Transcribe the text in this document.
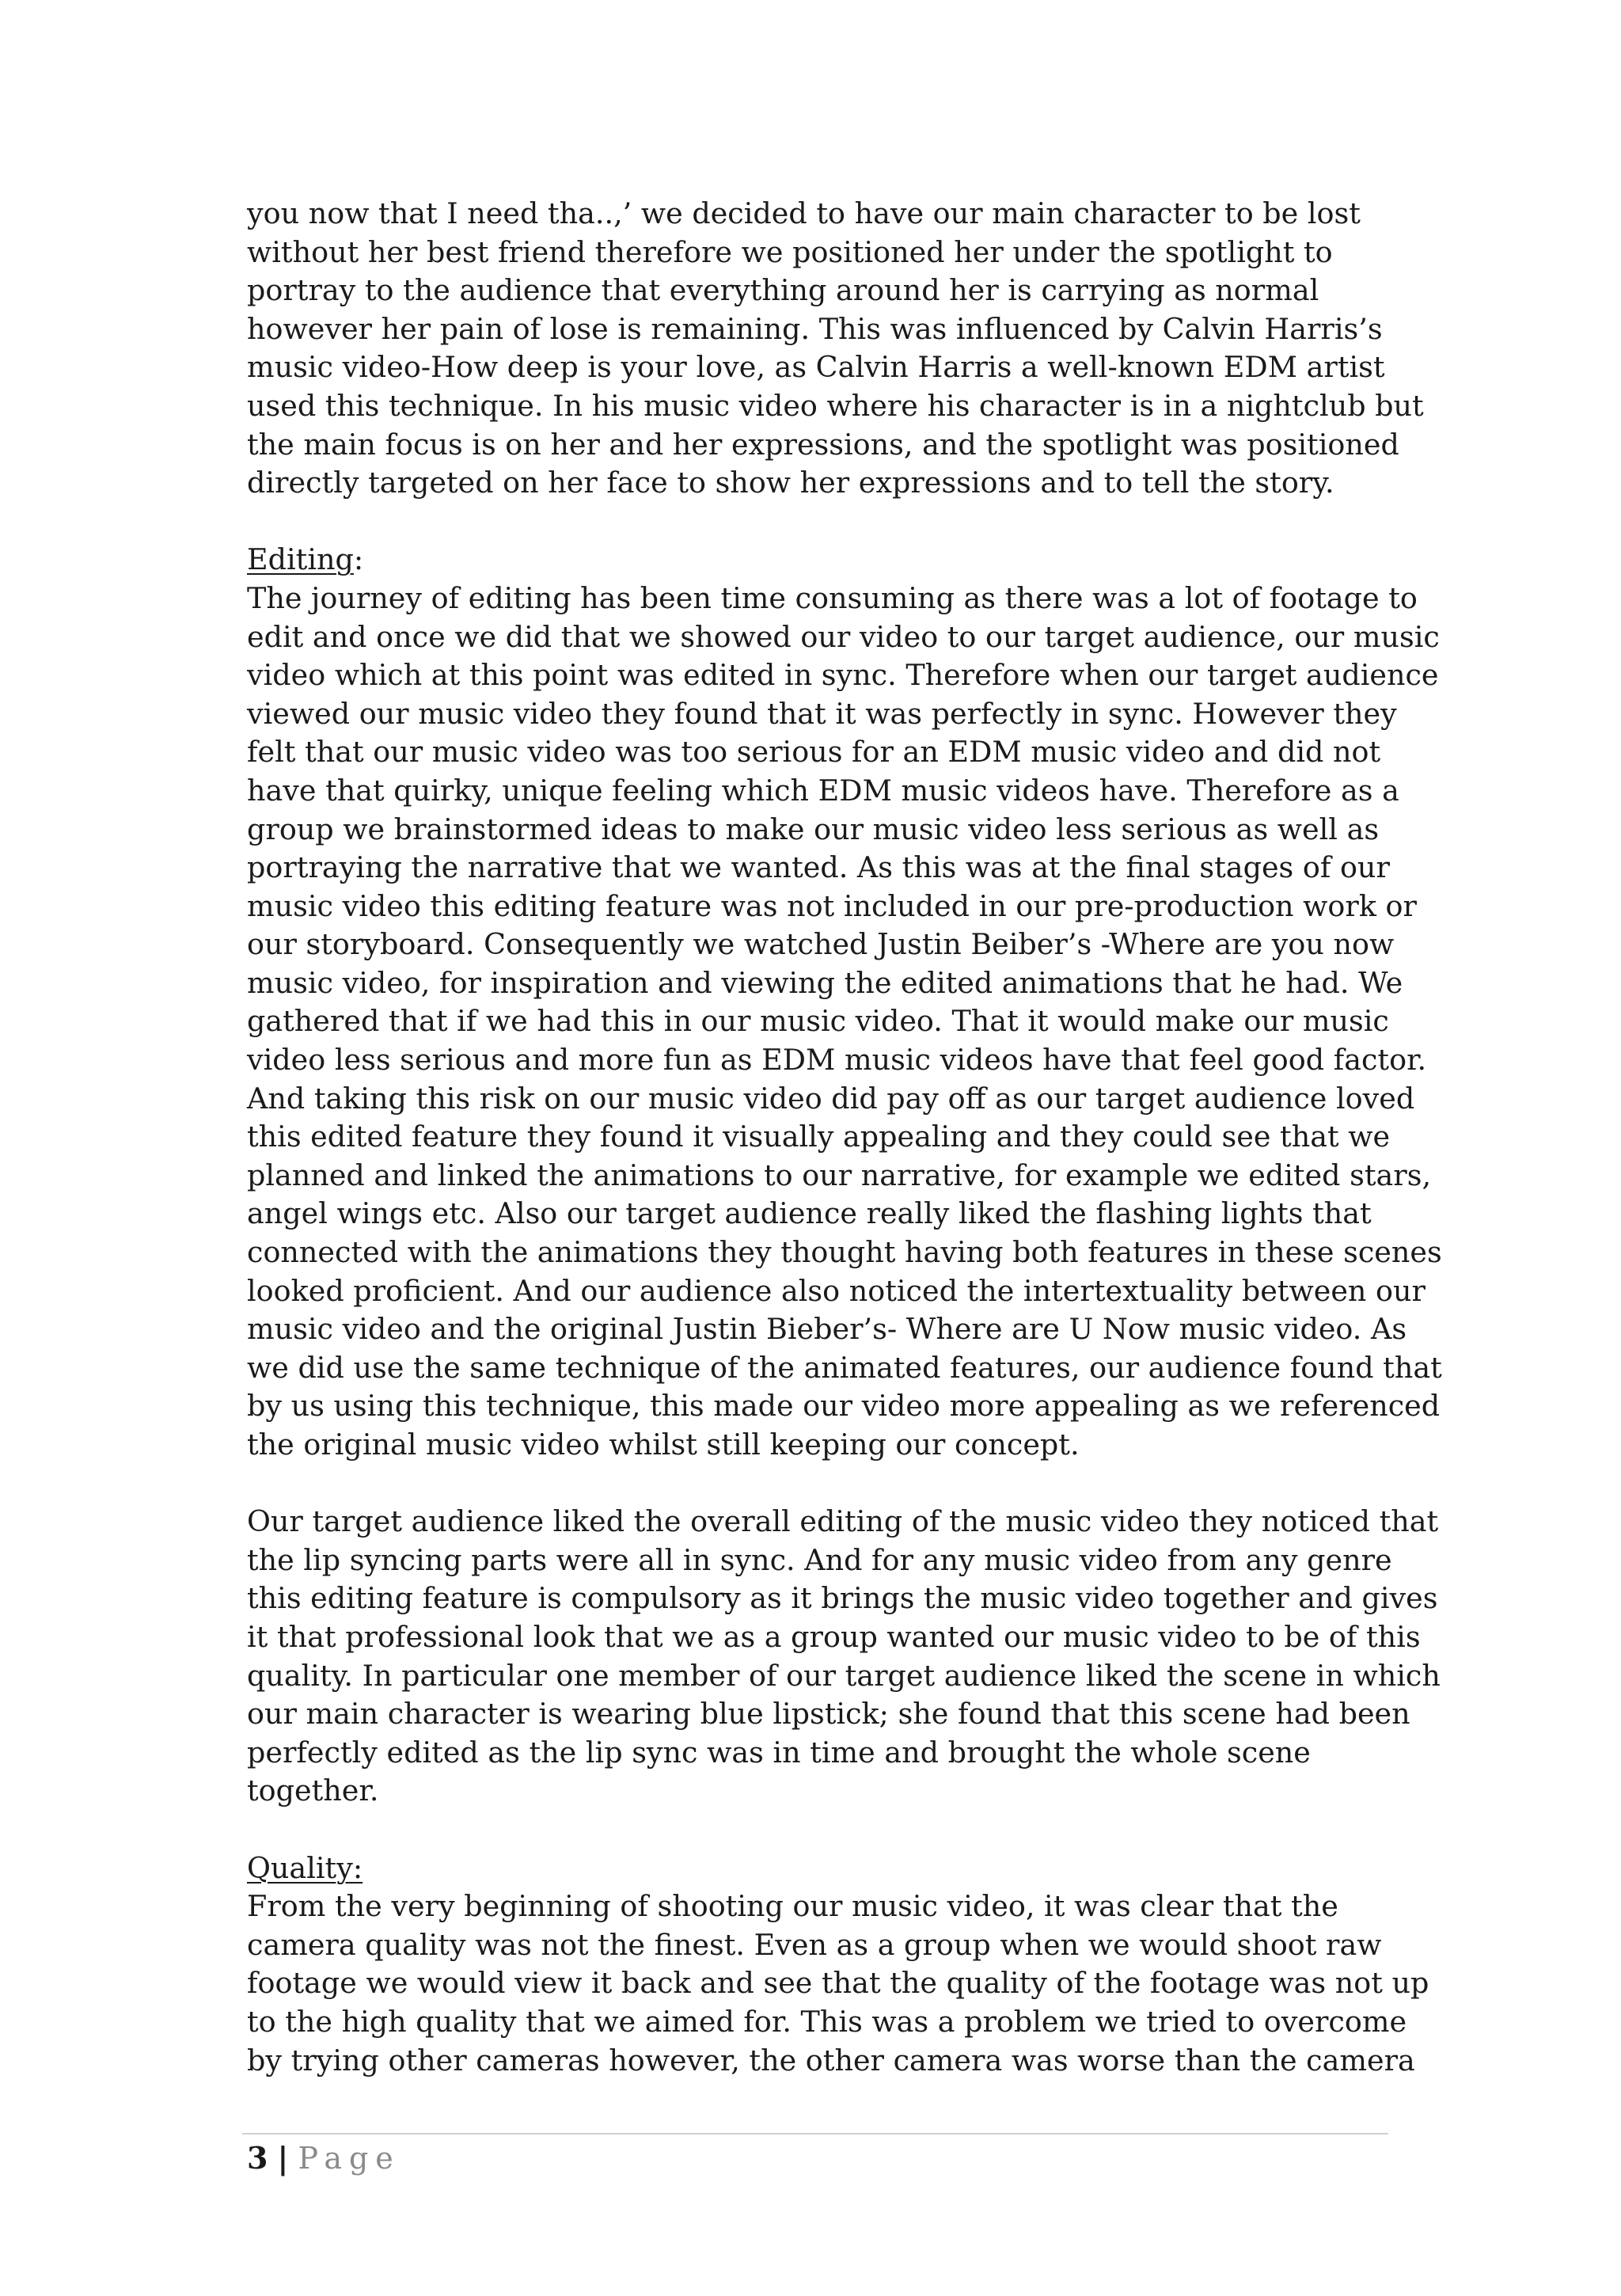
you now that I need tha..,’ we decided to have our main character to be lost
without her best friend therefore we positioned her under the spotlight to
portray to the audience that everything around her is carrying as normal
however her pain of lose is remaining. This was influenced by Calvin Harris’s
music video-How deep is your love, as Calvin Harris a well-known EDM artist
used this technique. In his music video where his character is in a nightclub but
the main focus is on her and her expressions, and the spotlight was positioned
directly targeted on her face to show her expressions and to tell the story.
Editing:
The journey of editing has been time consuming as there was a lot of footage to
edit and once we did that we showed our video to our target audience, our music
video which at this point was edited in sync. Therefore when our target audience
viewed our music video they found that it was perfectly in sync. However they
felt that our music video was too serious for an EDM music video and did not
have that quirky, unique feeling which EDM music videos have. Therefore as a
group we brainstormed ideas to make our music video less serious as well as
portraying the narrative that we wanted. As this was at the final stages of our
music video this editing feature was not included in our pre-production work or
our storyboard. Consequently we watched Justin Beiber’s -Where are you now
music video, for inspiration and viewing the edited animations that he had. We
gathered that if we had this in our music video. That it would make our music
video less serious and more fun as EDM music videos have that feel good factor.
And taking this risk on our music video did pay off as our target audience loved
this edited feature they found it visually appealing and they could see that we
planned and linked the animations to our narrative, for example we edited stars,
angel wings etc. Also our target audience really liked the flashing lights that
connected with the animations they thought having both features in these scenes
looked proficient. And our audience also noticed the intertextuality between our
music video and the original Justin Bieber’s- Where are U Now music video. As
we did use the same technique of the animated features, our audience found that
by us using this technique, this made our video more appealing as we referenced
the original music video whilst still keeping our concept.
Our target audience liked the overall editing of the music video they noticed that
the lip syncing parts were all in sync. And for any music video from any genre
this editing feature is compulsory as it brings the music video together and gives
it that professional look that we as a group wanted our music video to be of this
quality. In particular one member of our target audience liked the scene in which
our main character is wearing blue lipstick; she found that this scene had been
perfectly edited as the lip sync was in time and brought the whole scene
together.
Quality:
From the very beginning of shooting our music video, it was clear that the
camera quality was not the finest. Even as a group when we would shoot raw
footage we would view it back and see that the quality of the footage was not up
to the high quality that we aimed for. This was a problem we tried to overcome
by trying other cameras however, the other camera was worse than the camera
3 | Page
